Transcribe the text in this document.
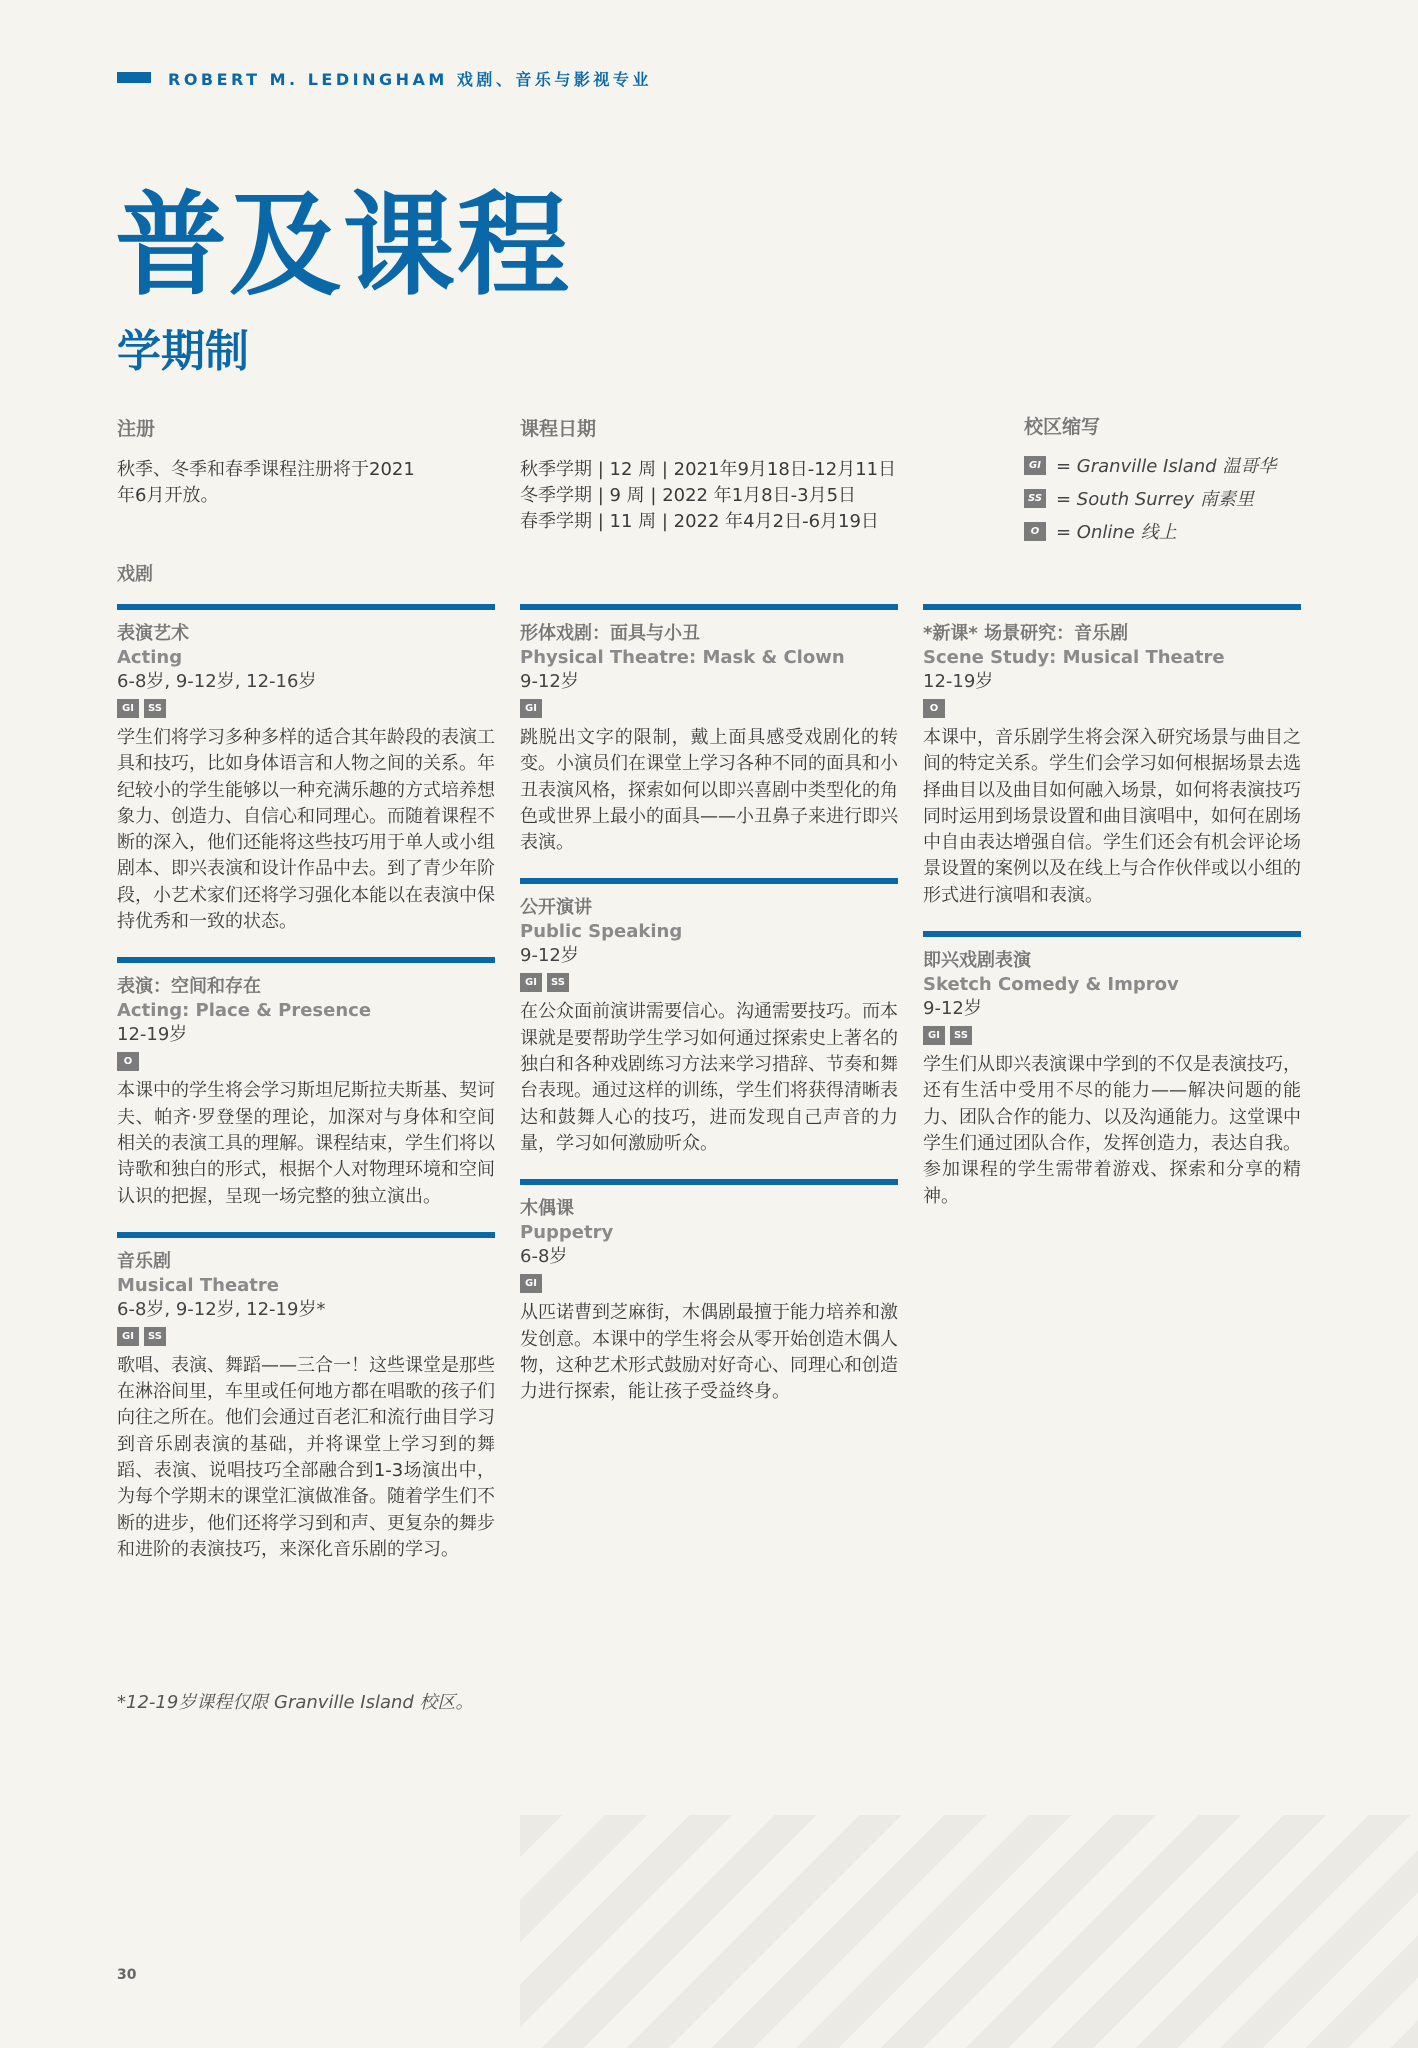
ROBERT M. LEDINGHAM 戏剧、音乐与影视专业
普及课程
学期制
注册
秋季、冬季和春季课程注册将于2021
年6月开放。
课程日期
秋季学期 | 12 周 | 2021年9月18日-12月11日
冬季学期 | 9 周 | 2022 年1月8日-3月5日
春季学期 | 11 周 | 2022 年4月2日-6月19日
校区缩写
GI = Granville Island 温哥华
SS = South Surrey 南素里
O = Online 线上
戏剧
表演艺术
Acting
6-8岁, 9-12岁, 12-16岁
GI SS
学生们将学习多种多样的适合其年龄段的表演工具和技巧，比如身体语言和人物之间的关系。年纪较小的学生能够以一种充满乐趣的方式培养想象力、创造力、自信心和同理心。而随着课程不断的深入，他们还能将这些技巧用于单人或小组剧本、即兴表演和设计作品中去。到了青少年阶段，小艺术家们还将学习强化本能以在表演中保持优秀和一致的状态。
表演：空间和存在
Acting: Place & Presence
12-19岁
O
本课中的学生将会学习斯坦尼斯拉夫斯基、契诃夫、帕齐·罗登堡的理论，加深对与身体和空间相关的表演工具的理解。课程结束，学生们将以诗歌和独白的形式，根据个人对物理环境和空间认识的把握，呈现一场完整的独立演出。
音乐剧
Musical Theatre
6-8岁, 9-12岁, 12-19岁*
GI SS
歌唱、表演、舞蹈——三合一！这些课堂是那些在淋浴间里，车里或任何地方都在唱歌的孩子们向往之所在。他们会通过百老汇和流行曲目学习到音乐剧表演的基础，并将课堂上学习到的舞蹈、表演、说唱技巧全部融合到1-3场演出中，为每个学期末的课堂汇演做准备。随着学生们不断的进步，他们还将学习到和声、更复杂的舞步和进阶的表演技巧，来深化音乐剧的学习。
形体戏剧：面具与小丑
Physical Theatre: Mask & Clown
9-12岁
GI
跳脱出文字的限制，戴上面具感受戏剧化的转变。小演员们在课堂上学习各种不同的面具和小丑表演风格，探索如何以即兴喜剧中类型化的角色或世界上最小的面具——小丑鼻子来进行即兴表演。
公开演讲
Public Speaking
9-12岁
GI SS
在公众面前演讲需要信心。沟通需要技巧。而本课就是要帮助学生学习如何通过探索史上著名的独白和各种戏剧练习方法来学习措辞、节奏和舞台表现。通过这样的训练，学生们将获得清晰表达和鼓舞人心的技巧，进而发现自己声音的力量，学习如何激励听众。
木偶课
Puppetry
6-8岁
GI
从匹诺曹到芝麻街，木偶剧最擅于能力培养和激发创意。本课中的学生将会从零开始创造木偶人物，这种艺术形式鼓励对好奇心、同理心和创造力进行探索，能让孩子受益终身。
*新课* 场景研究：音乐剧
Scene Study: Musical Theatre
12-19岁
O
本课中，音乐剧学生将会深入研究场景与曲目之间的特定关系。学生们会学习如何根据场景去选择曲目以及曲目如何融入场景，如何将表演技巧同时运用到场景设置和曲目演唱中，如何在剧场中自由表达增强自信。学生们还会有机会评论场景设置的案例以及在线上与合作伙伴或以小组的形式进行演唱和表演。
即兴戏剧表演
Sketch Comedy & Improv
9-12岁
GI SS
学生们从即兴表演课中学到的不仅是表演技巧，还有生活中受用不尽的能力——解决问题的能力、团队合作的能力、以及沟通能力。这堂课中学生们通过团队合作，发挥创造力，表达自我。参加课程的学生需带着游戏、探索和分享的精神。
*12-19岁课程仅限 Granville Island 校区。
30
